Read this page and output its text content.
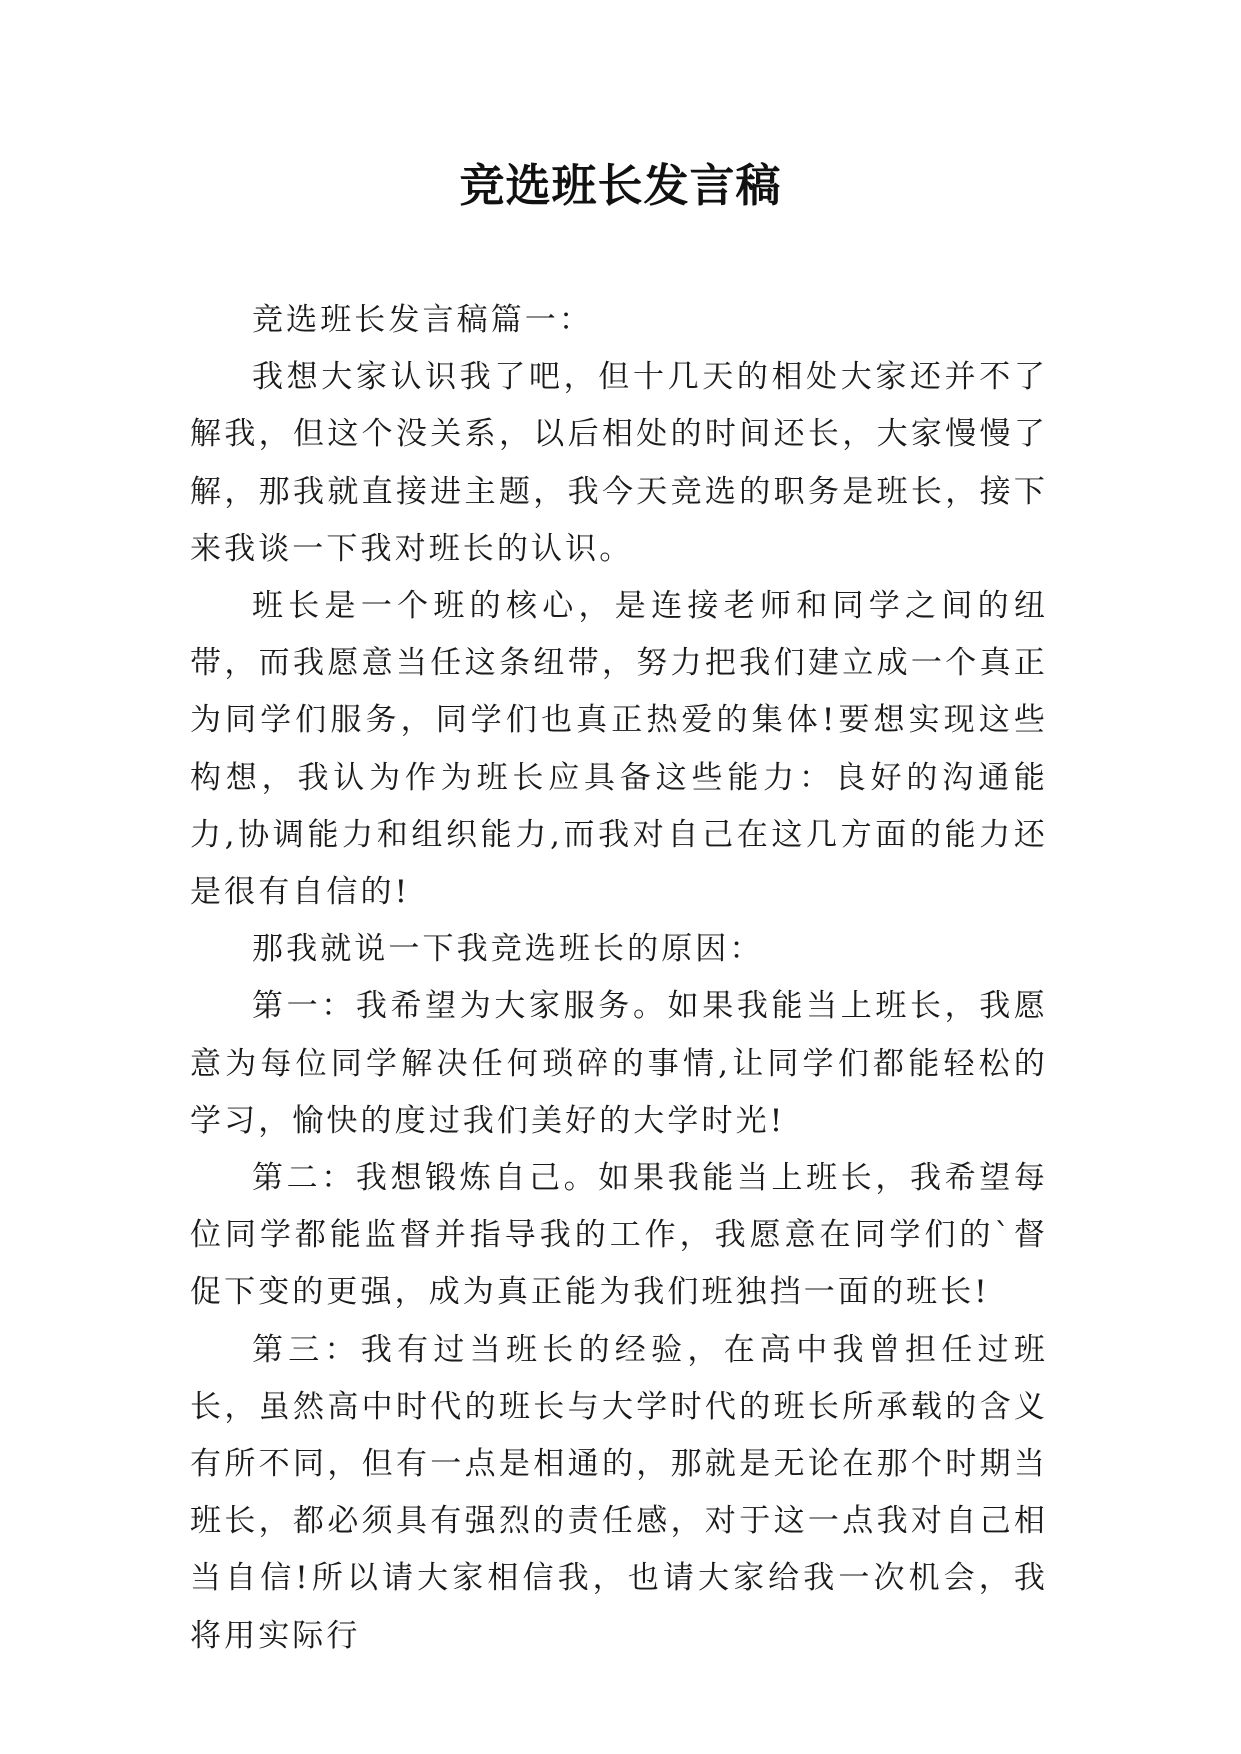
竞选班长发言稿

竞选班长发言稿篇一：

我想大家认识我了吧，但十几天的相处大家还并不了解我，但这个没关系，以后相处的时间还长，大家慢慢了解，那我就直接进主题，我今天竞选的职务是班长，接下来我谈一下我对班长的认识。

班长是一个班的核心，是连接老师和同学之间的纽带，而我愿意当任这条纽带，努力把我们建立成一个真正为同学们服务，同学们也真正热爱的集体!要想实现这些构想，我认为作为班长应具备这些能力：良好的沟通能力,协调能力和组织能力,而我对自己在这几方面的能力还是很有自信的!

那我就说一下我竞选班长的原因：

第一：我希望为大家服务。如果我能当上班长，我愿意为每位同学解决任何琐碎的事情,让同学们都能轻松的学习，愉快的度过我们美好的大学时光!

第二：我想锻炼自己。如果我能当上班长，我希望每位同学都能监督并指导我的工作，我愿意在同学们的`督促下变的更强，成为真正能为我们班独挡一面的班长!

第三：我有过当班长的经验，在高中我曾担任过班长，虽然高中时代的班长与大学时代的班长所承载的含义有所不同，但有一点是相通的，那就是无论在那个时期当班长，都必须具有强烈的责任感，对于这一点我对自己相当自信!所以请大家相信我，也请大家给我一次机会，我将用实际行
